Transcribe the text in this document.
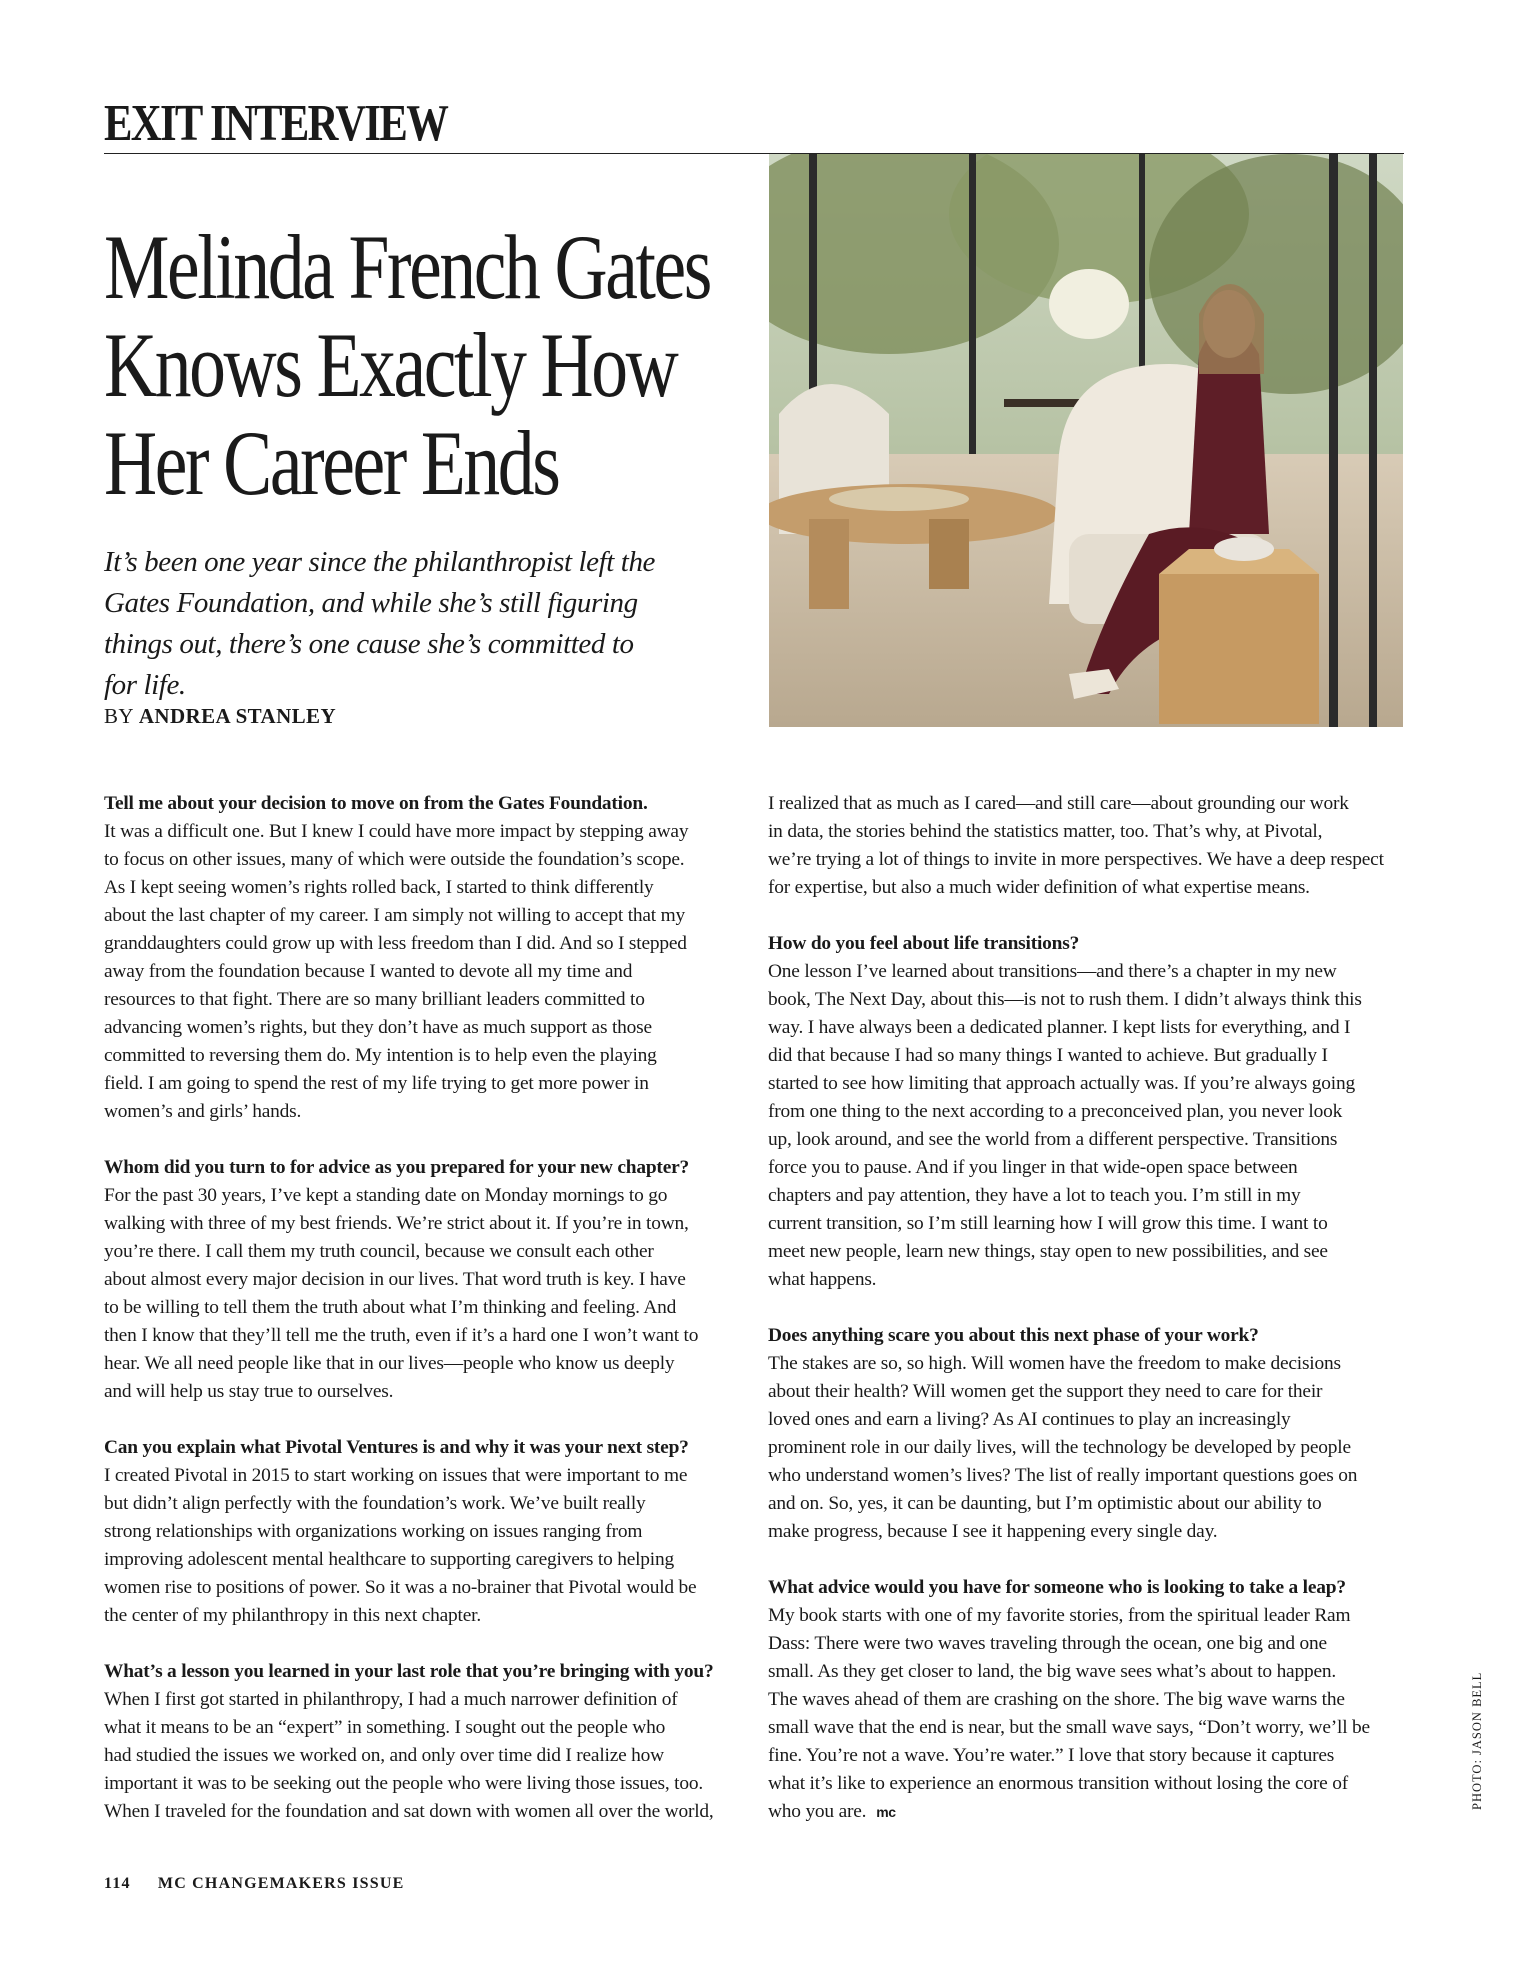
EXIT INTERVIEW
Melinda French Gates
Knows Exactly How
Her Career Ends

It’s been one year since the philanthropist left the
Gates Foundation, and while she’s still figuring
things out, there’s one cause she’s committed to for life.

BY ANDREA STANLEY

Tell me about your decision to move on from the Gates Foundation.

It was a difficult one. But I knew I could have more impact by stepping away
to focus on other issues, many of which were outside the foundation’s scope.
As I kept seeing women’s rights rolled back, I started to think differently
about the last chapter of my career. I am simply not willing to accept that my
granddaughters could grow up with less freedom than I did. And so I stepped
away from the foundation because I wanted to devote all my time and
resources to that fight. There are so many brilliant leaders committed to
advancing women’s rights, but they don’t have as much support as those
committed to reversing them do. My intention is to help even the playing
field. I am going to spend the rest of my life trying to get more power in
women’s and girls’ hands.

Whom did you turn to for advice as you prepared for your new chapter?

For the past 30 years, I’ve kept a standing date on Monday mornings to go
walking with three of my best friends. We’re strict about it. If you’re in town,
you’re there. I call them my truth council, because we consult each other
about almost every major decision in our lives. That word truth is key. I have
to be willing to tell them the truth about what I’m thinking and feeling. And
then I know that they’ll tell me the truth, even if it’s a hard one I won’t want to
hear. We all need people like that in our lives—people who know us deeply
and will help us stay true to ourselves.

Can you explain what Pivotal Ventures is and why it was your next step?

I created Pivotal in 2015 to start working on issues that were important to me
but didn’t align perfectly with the foundation’s work. We’ve built really
strong relationships with organizations working on issues ranging from
improving adolescent mental healthcare to supporting caregivers to helping
women rise to positions of power. So it was a no-brainer that Pivotal would be
the center of my philanthropy in this next chapter.

What’s a lesson you learned in your last role that you’re bringing with you?

When I first got started in philanthropy, I had a much narrower definition of
what it means to be an “expert” in something. I sought out the people who
had studied the issues we worked on, and only over time did I realize how
important it was to be seeking out the people who were living those issues, too.
When I traveled for the foundation and sat down with women all over the world,

I realized that as much as I cared—and still care—about grounding our work
in data, the stories behind the statistics matter, too. That’s why, at Pivotal,
we’re trying a lot of things to invite in more perspectives. We have a deep respect
for expertise, but also a much wider definition of what expertise means.

How do you feel about life transitions?

One lesson I’ve learned about transitions—and there’s a chapter in my new
book, The Next Day, about this—is not to rush them. I didn’t always think this
way. I have always been a dedicated planner. I kept lists for everything, and I
did that because I had so many things I wanted to achieve. But gradually I
started to see how limiting that approach actually was. If you’re always going
from one thing to the next according to a preconceived plan, you never look
up, look around, and see the world from a different perspective. Transitions
force you to pause. And if you linger in that wide-open space between
chapters and pay attention, they have a lot to teach you. I’m still in my
current transition, so I’m still learning how I will grow this time. I want to
meet new people, learn new things, stay open to new possibilities, and see
what happens.

Does anything scare you about this next phase of your work?

The stakes are so, so high. Will women have the freedom to make decisions
about their health? Will women get the support they need to care for their
loved ones and earn a living? As AI continues to play an increasingly
prominent role in our daily lives, will the technology be developed by people
who understand women’s lives? The list of really important questions goes on
and on. So, yes, it can be daunting, but I’m optimistic about our ability to
make progress, because I see it happening every single day.

What advice would you have for someone who is looking to take a leap?

My book starts with one of my favorite stories, from the spiritual leader Ram
Dass: There were two waves traveling through the ocean, one big and one
small. As they get closer to land, the big wave sees what’s about to happen.
The waves ahead of them are crashing on the shore. The big wave warns the
small wave that the end is near, but the small wave says, “Don’t worry, we’ll be
fine. You’re not a wave. You’re water.” I love that story because it captures
what it’s like to experience an enormous transition without losing the core of
who you are. mc

PHOTO: JASON BELL
114 MC CHANGEMAKERS ISSUE
